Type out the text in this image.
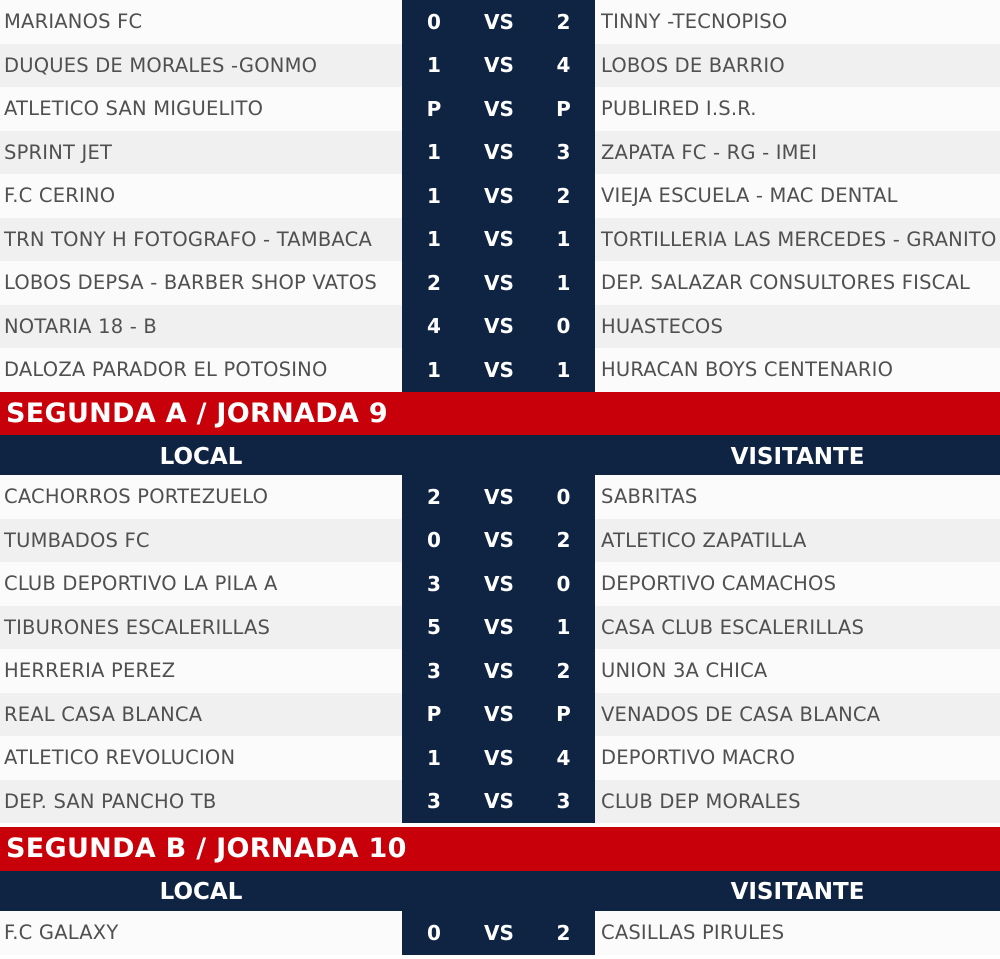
MARIANOS FC	0	VS	2	TINNY -TECNOPISO
DUQUES DE MORALES -GONMO	1	VS	4	LOBOS DE BARRIO
ATLETICO SAN MIGUELITO	P	VS	P	PUBLIRED I.S.R.
SPRINT JET	1	VS	3	ZAPATA FC - RG - IMEI
F.C CERINO	1	VS	2	VIEJA ESCUELA - MAC DENTAL
TRN TONY H FOTOGRAFO - TAMBACA	1	VS	1	TORTILLERIA LAS MERCEDES - GRANITO
LOBOS DEPSA - BARBER SHOP VATOS	2	VS	1	DEP. SALAZAR CONSULTORES FISCAL
NOTARIA 18 - B	4	VS	0	HUASTECOS
DALOZA PARADOR EL POTOSINO	1	VS	1	HURACAN BOYS CENTENARIO
SEGUNDA A / JORNADA 9
LOCAL	VISITANTE
CACHORROS PORTEZUELO	2	VS	0	SABRITAS
TUMBADOS FC	0	VS	2	ATLETICO ZAPATILLA
CLUB DEPORTIVO LA PILA A	3	VS	0	DEPORTIVO CAMACHOS
TIBURONES ESCALERILLAS	5	VS	1	CASA CLUB ESCALERILLAS
HERRERIA PEREZ	3	VS	2	UNION 3A CHICA
REAL CASA BLANCA	P	VS	P	VENADOS DE CASA BLANCA
ATLETICO REVOLUCION	1	VS	4	DEPORTIVO MACRO
DEP. SAN PANCHO TB	3	VS	3	CLUB DEP MORALES
SEGUNDA B / JORNADA 10
LOCAL	VISITANTE
F.C GALAXY	0	VS	2	CASILLAS PIRULES
